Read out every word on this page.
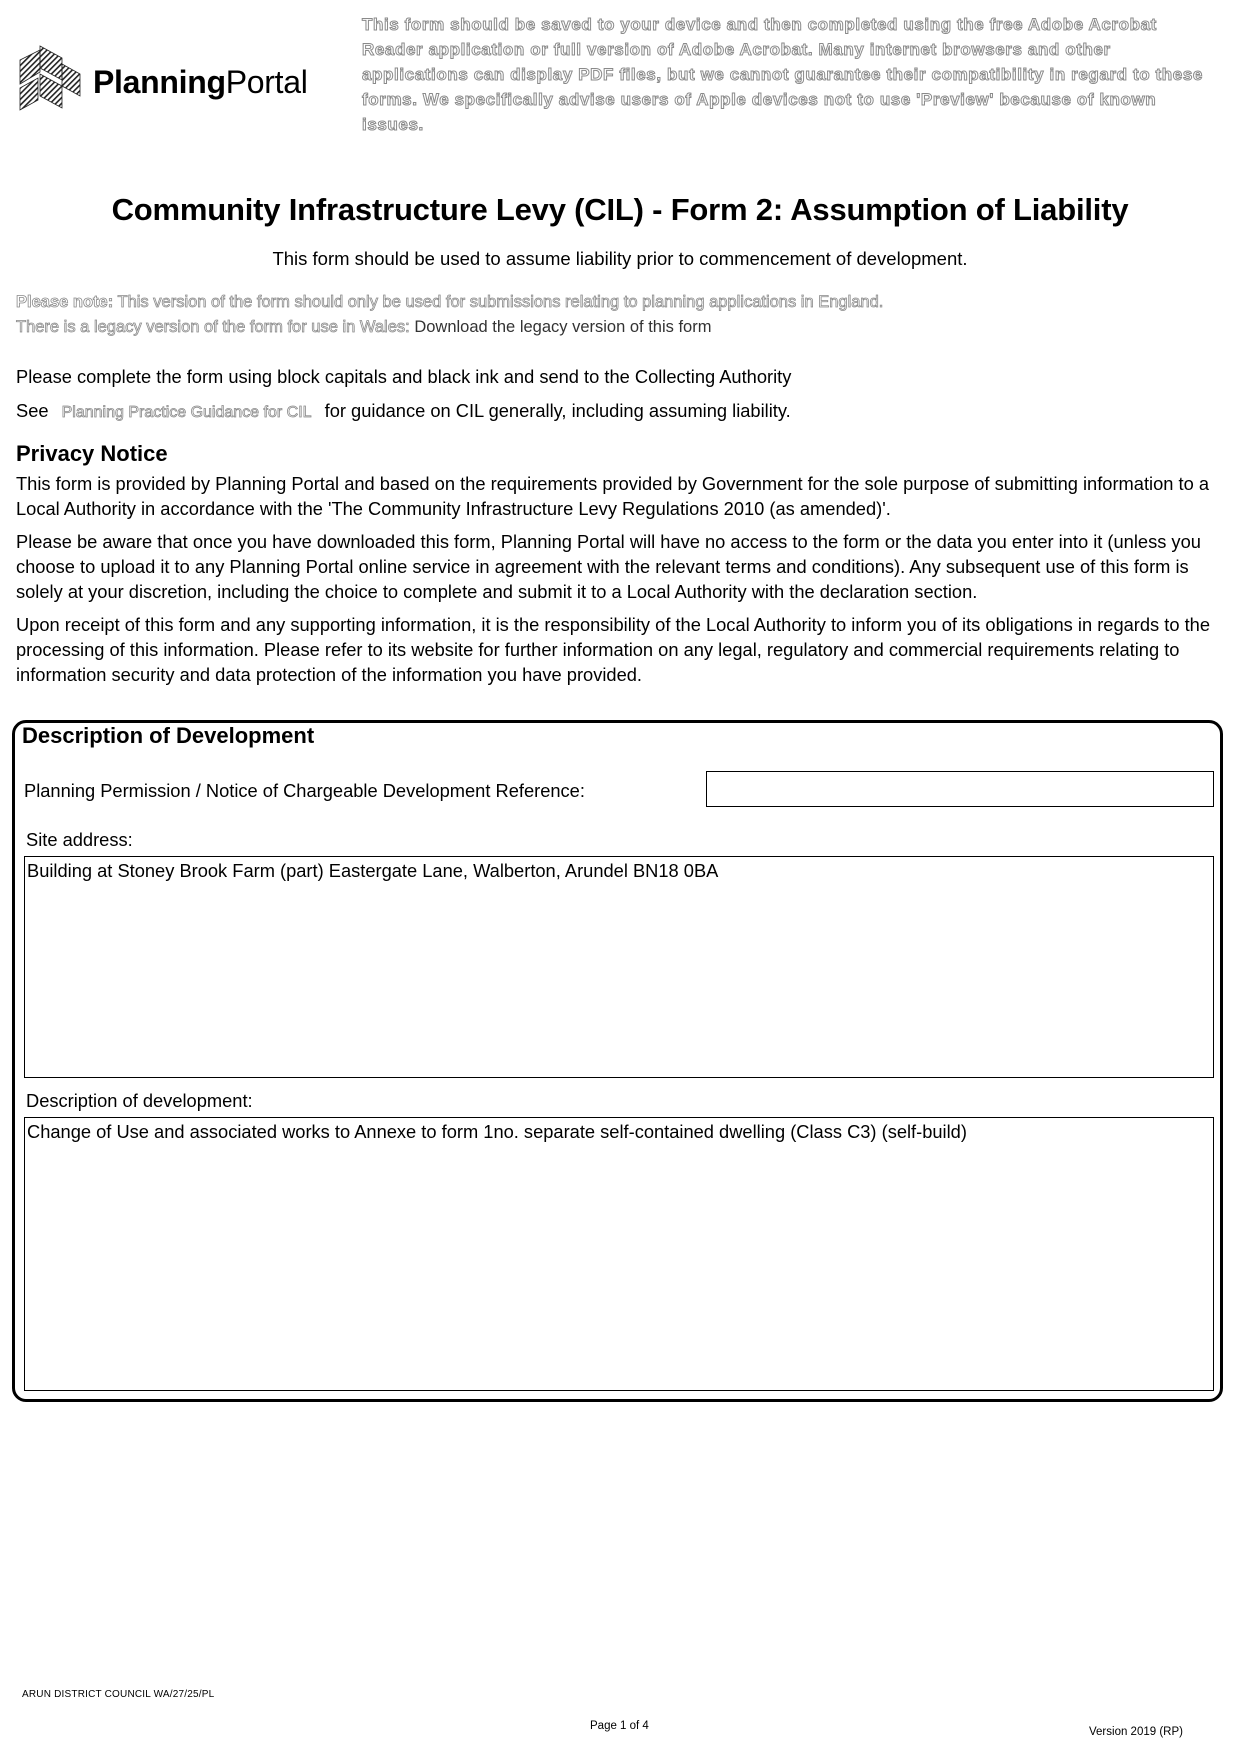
PlanningPortal
This form should be saved to your device and then completed using the free Adobe Acrobat Reader application or full version of Adobe Acrobat. Many internet browsers and other applications can display PDF files, but we cannot guarantee their compatibility in regard to these forms. We specifically advise users of Apple devices not to use 'Preview' because of known issues.
Community Infrastructure Levy (CIL) - Form 2: Assumption of Liability
This form should be used to assume liability prior to commencement of development.
Please note: This version of the form should only be used for submissions relating to planning applications in England.
There is a legacy version of the form for use in Wales: Download the legacy version of this form
Please complete the form using block capitals and black ink and send to the Collecting Authority
See Planning Practice Guidance for CIL for guidance on CIL generally, including assuming liability.
Privacy Notice
This form is provided by Planning Portal and based on the requirements provided by Government for the sole purpose of submitting information to a Local Authority in accordance with the 'The Community Infrastructure Levy Regulations 2010 (as amended)'.
Please be aware that once you have downloaded this form, Planning Portal will have no access to the form or the data you enter into it (unless you choose to upload it to any Planning Portal online service in agreement with the relevant terms and conditions). Any subsequent use of this form is solely at your discretion, including the choice to complete and submit it to a Local Authority with the declaration section.
Upon receipt of this form and any supporting information, it is the responsibility of the Local Authority to inform you of its obligations in regards to the processing of this information. Please refer to its website for further information on any legal, regulatory and commercial requirements relating to information security and data protection of the information you have provided.
Description of Development
Planning Permission / Notice of Chargeable Development Reference:
Site address:
Building at Stoney Brook Farm (part) Eastergate Lane, Walberton, Arundel BN18 0BA
Description of development:
Change of Use and associated works to Annexe to form 1no. separate self-contained dwelling (Class C3) (self-build)
ARUN DISTRICT COUNCIL WA/27/25/PL
Page 1 of 4	Version 2019 (RP)
